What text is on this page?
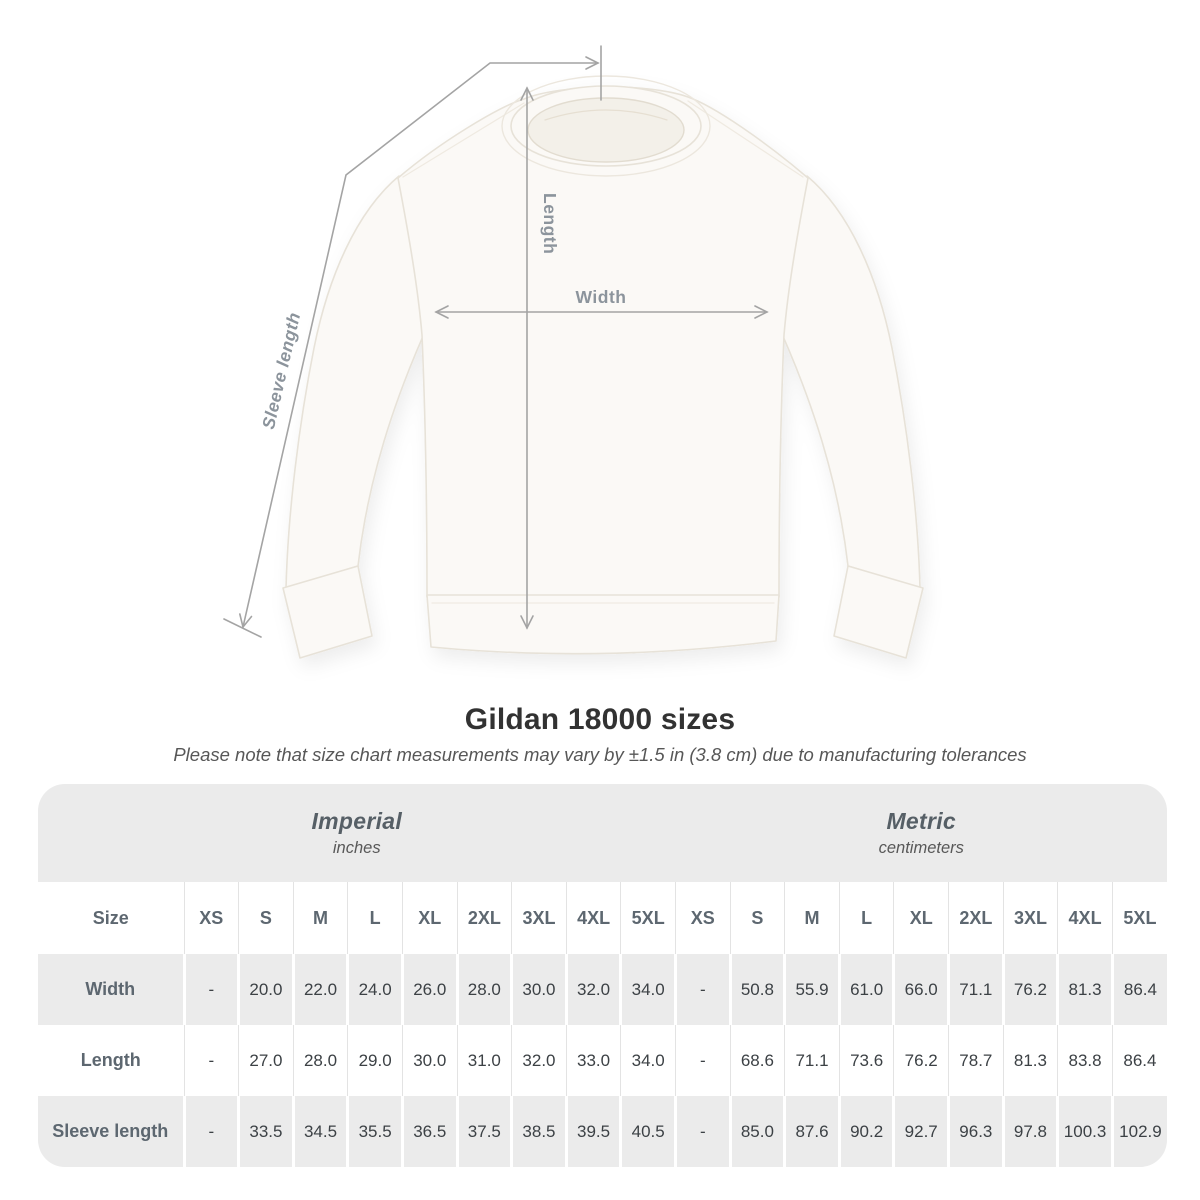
Length
Width
Sleeve length
Gildan 18000 sizes
Please note that size chart measurements may vary by ±1.5 in (3.8 cm) due to manufacturing tolerances
Imperial
inches

Metric
centimeters

Size	XS	S	M	L	XL	2XL	3XL	4XL	5XL	XS	S	M	L	XL	2XL	3XL	4XL	5XL
Width	-	20.0	22.0	24.0	26.0	28.0	30.0	32.0	34.0	-	50.8	55.9	61.0	66.0	71.1	76.2	81.3	86.4
Length	-	27.0	28.0	29.0	30.0	31.0	32.0	33.0	34.0	-	68.6	71.1	73.6	76.2	78.7	81.3	83.8	86.4
Sleeve length	-	33.5	34.5	35.5	36.5	37.5	38.5	39.5	40.5	-	85.0	87.6	90.2	92.7	96.3	97.8	100.3	102.9
